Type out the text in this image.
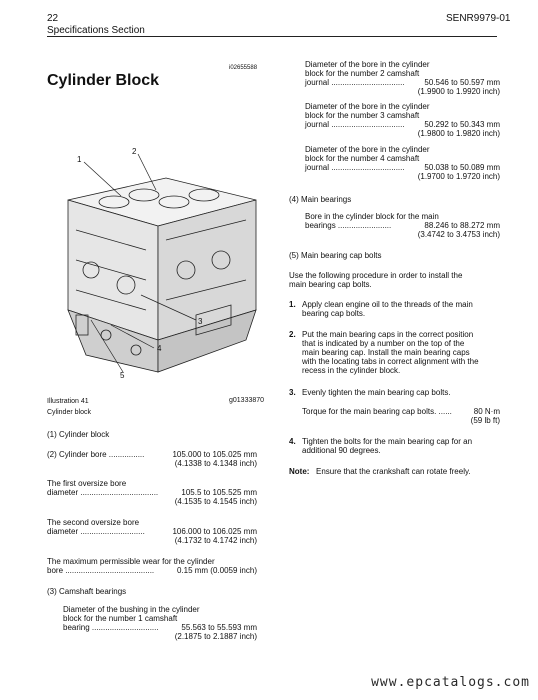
22	SENR9979-01
Specifications Section
Cylinder Block
i02655588
1
2
3
4
5
Illustration 41	g01333870
Cylinder block
(1) Cylinder block
(2) Cylinder bore ................	105.000 to 105.025 mm
(4.1338 to 4.1348 inch)
The first oversize bore
diameter ...................................	105.5 to 105.525 mm
(4.1535 to 4.1545 inch)
The second oversize bore
diameter .............................	106.000 to 106.025 mm
(4.1732 to 4.1742 inch)
The maximum permissible wear for the cylinder
bore ........................................	0.15 mm (0.0059 inch)
(3) Camshaft bearings
Diameter of the bushing in the cylinder
block for the number 1 camshaft
bearing ..............................	55.563 to 55.593 mm
(2.1875 to 2.1887 inch)
Diameter of the bore in the cylinder
block for the number 2 camshaft
journal ................................. 50.546 to 50.597 mm
(1.9900 to 1.9920 inch)
Diameter of the bore in the cylinder
block for the number 3 camshaft
journal ................................. 50.292 to 50.343 mm
(1.9800 to 1.9820 inch)
Diameter of the bore in the cylinder
block for the number 4 camshaft
journal ................................. 50.038 to 50.089 mm
(1.9700 to 1.9720 inch)
(4) Main bearings
Bore in the cylinder block for the main
bearings ........................	88.246 to 88.272 mm
(3.4742 to 3.4753 inch)
(5) Main bearing cap bolts
Use the following procedure in order to install the
main bearing cap bolts.
1. Apply clean engine oil to the threads of the main
bearing cap bolts.
2. Put the main bearing caps in the correct position
that is indicated by a number on the top of the
main bearing cap. Install the main bearing caps
with the locating tabs in correct alignment with the
recess in the cylinder block.
3. Evenly tighten the main bearing cap bolts.
Torque for the main bearing cap bolts. ......	80 N·m
(59 lb ft)
4. Tighten the bolts for the main bearing cap for an
additional 90 degrees.
Note: Ensure that the crankshaft can rotate freely.
www.epcatalogs.com
